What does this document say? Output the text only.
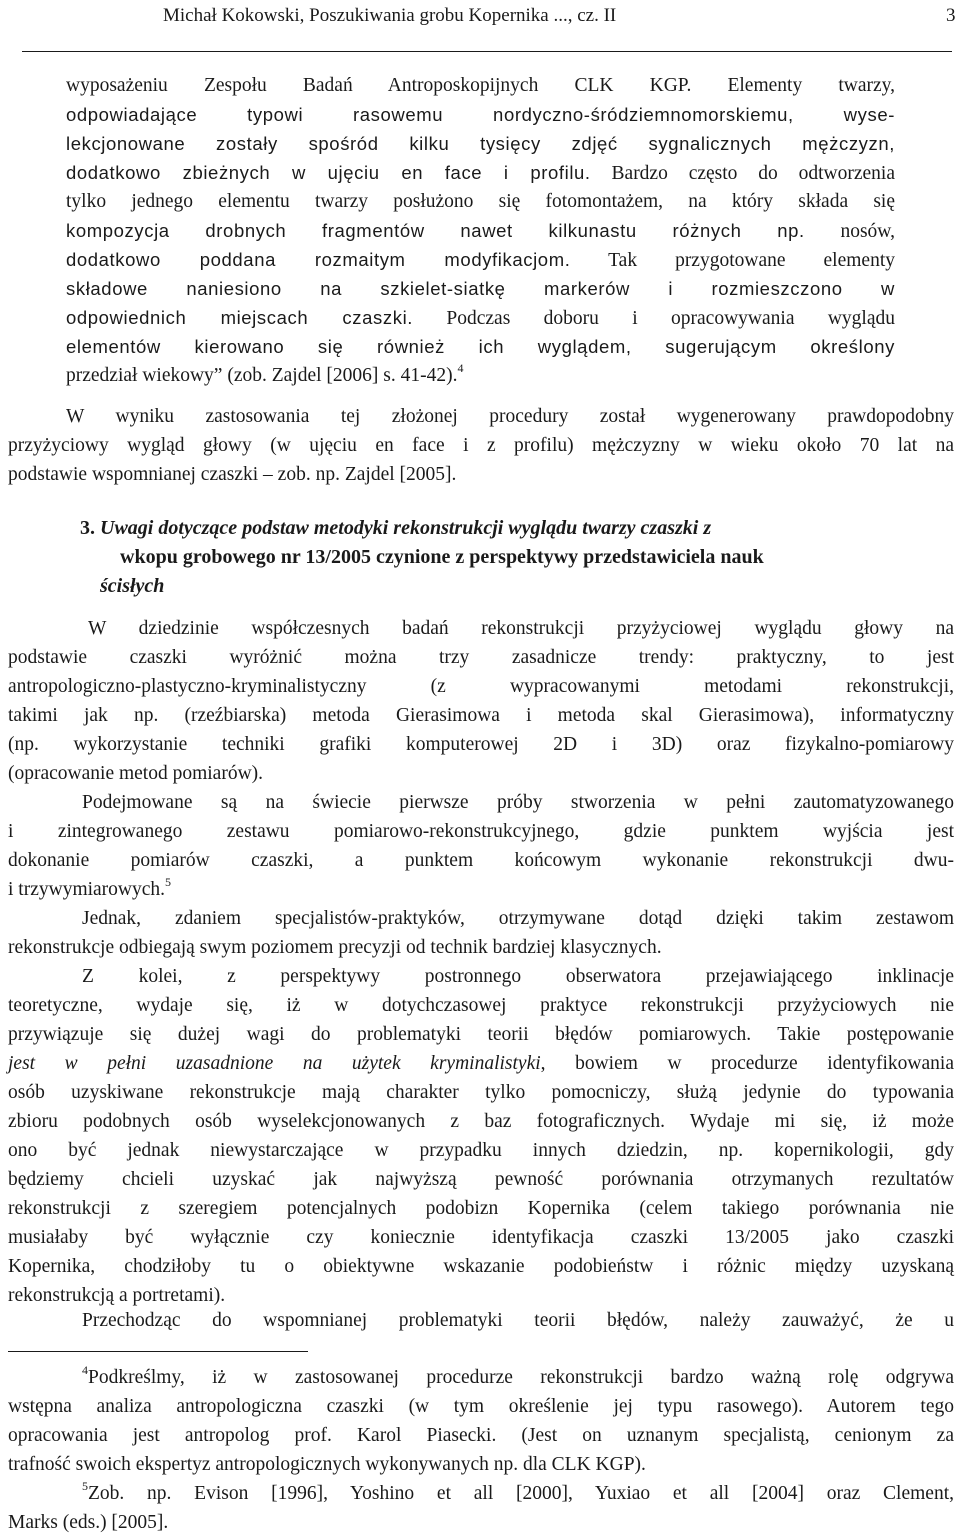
Michał Kokowski, Poszukiwania grobu Kopernika ..., cz. II	3
wyposażeniu Zespołu Badań Antroposkopijnych CLK KGP. Elementy twarzy,
odpowiadające typowi rasowemu nordyczno-śródziemnomorskiemu, wyse-
lekcjonowane zostały spośród kilku tysięcy zdjęć sygnalicznych mężczyzn,
dodatkowo zbieżnych w ujęciu en face i profilu. Bardzo często do odtworzenia
tylko jednego elementu twarzy posłużono się fotomontażem, na który składa się
kompozycja drobnych fragmentów nawet kilkunastu różnych np. nosów,
dodatkowo poddana rozmaitym modyfikacjom. Tak przygotowane elementy
składowe naniesiono na szkielet-siatkę markerów i rozmieszczono w
odpowiednich miejscach czaszki. Podczas doboru i opracowywania wyglądu
elementów kierowano się również ich wyglądem, sugerującym określony
przedział wiekowy” (zob. Zajdel [2006] s. 41-42).$^4$
W wyniku zastosowania tej złożonej procedury został wygenerowany prawdopodobny
przyżyciowy wygląd głowy (w ujęciu en face i z profilu) mężczyzny w wieku około 70 lat na
podstawie wspomnianej czaszki – zob. np. Zajdel [2005].
3. Uwagi dotyczące podstaw metodyki rekonstrukcji wyglądu twarzy czaszki z
wkopu grobowego nr 13/2005 czynione z perspektywy przedstawiciela nauk
ścisłych
W dziedzinie współczesnych badań rekonstrukcji przyżyciowej wyglądu głowy na
podstawie czaszki wyróżnić można trzy zasadnicze trendy: praktyczny, to jest
antropologiczno-plastyczno-kryminalistyczny (z wypracowanymi metodami rekonstrukcji,
takimi jak np. (rzeźbiarska) metoda Gierasimowa i metoda skal Gierasimowa), informatyczny
(np. wykorzystanie techniki grafiki komputerowej 2D i 3D) oraz fizykalno-pomiarowy
(opracowanie metod pomiarów).
Podejmowane są na świecie pierwsze próby stworzenia w pełni zautomatyzowanego
i zintegrowanego zestawu pomiarowo-rekonstrukcyjnego, gdzie punktem wyjścia jest
dokonanie pomiarów czaszki, a punktem końcowym wykonanie rekonstrukcji dwu-
i trzywymiarowych.$^5$
Jednak, zdaniem specjalistów-praktyków, otrzymywane dotąd dzięki takim zestawom
rekonstrukcje odbiegają swym poziomem precyzji od technik bardziej klasycznych.
Z kolei, z perspektywy postronnego obserwatora przejawiającego inklinacje
teoretyczne, wydaje się, iż w dotychczasowej praktyce rekonstrukcji przyżyciowych nie
przywiązuje się dużej wagi do problematyki teorii błędów pomiarowych. Takie postępowanie
jest w pełni uzasadnione na użytek kryminalistyki, bowiem w procedurze identyfikowania
osób uzyskiwane rekonstrukcje mają charakter tylko pomocniczy, służą jedynie do typowania
zbioru podobnych osób wyselekcjonowanych z baz fotograficznych. Wydaje mi się, iż może
ono być jednak niewystarczające w przypadku innych dziedzin, np. kopernikologii, gdy
będziemy chcieli uzyskać jak najwyższą pewność porównania otrzymanych rezultatów
rekonstrukcji z szeregiem potencjalnych podobizn Kopernika (celem takiego porównania nie
musiałaby być wyłącznie czy koniecznie identyfikacja czaszki 13/2005 jako czaszki
Kopernika, chodziłoby tu o obiektywne wskazanie podobieństw i różnic między uzyskaną
rekonstrukcją a portretami).
Przechodząc do wspomnianej problematyki teorii błędów, należy zauważyć, że u
$^4$Podkreślmy, iż w zastosowanej procedurze rekonstrukcji bardzo ważną rolę odgrywa
wstępna analiza antropologiczna czaszki (w tym określenie jej typu rasowego). Autorem tego
opracowania jest antropolog prof. Karol Piasecki. (Jest on uznanym specjalistą, cenionym za
trafność swoich ekspertyz antropologicznych wykonywanych np. dla CLK KGP).
$^5$Zob. np. Evison [1996], Yoshino et all [2000], Yuxiao et all [2004] oraz Clement,
Marks (eds.) [2005].
